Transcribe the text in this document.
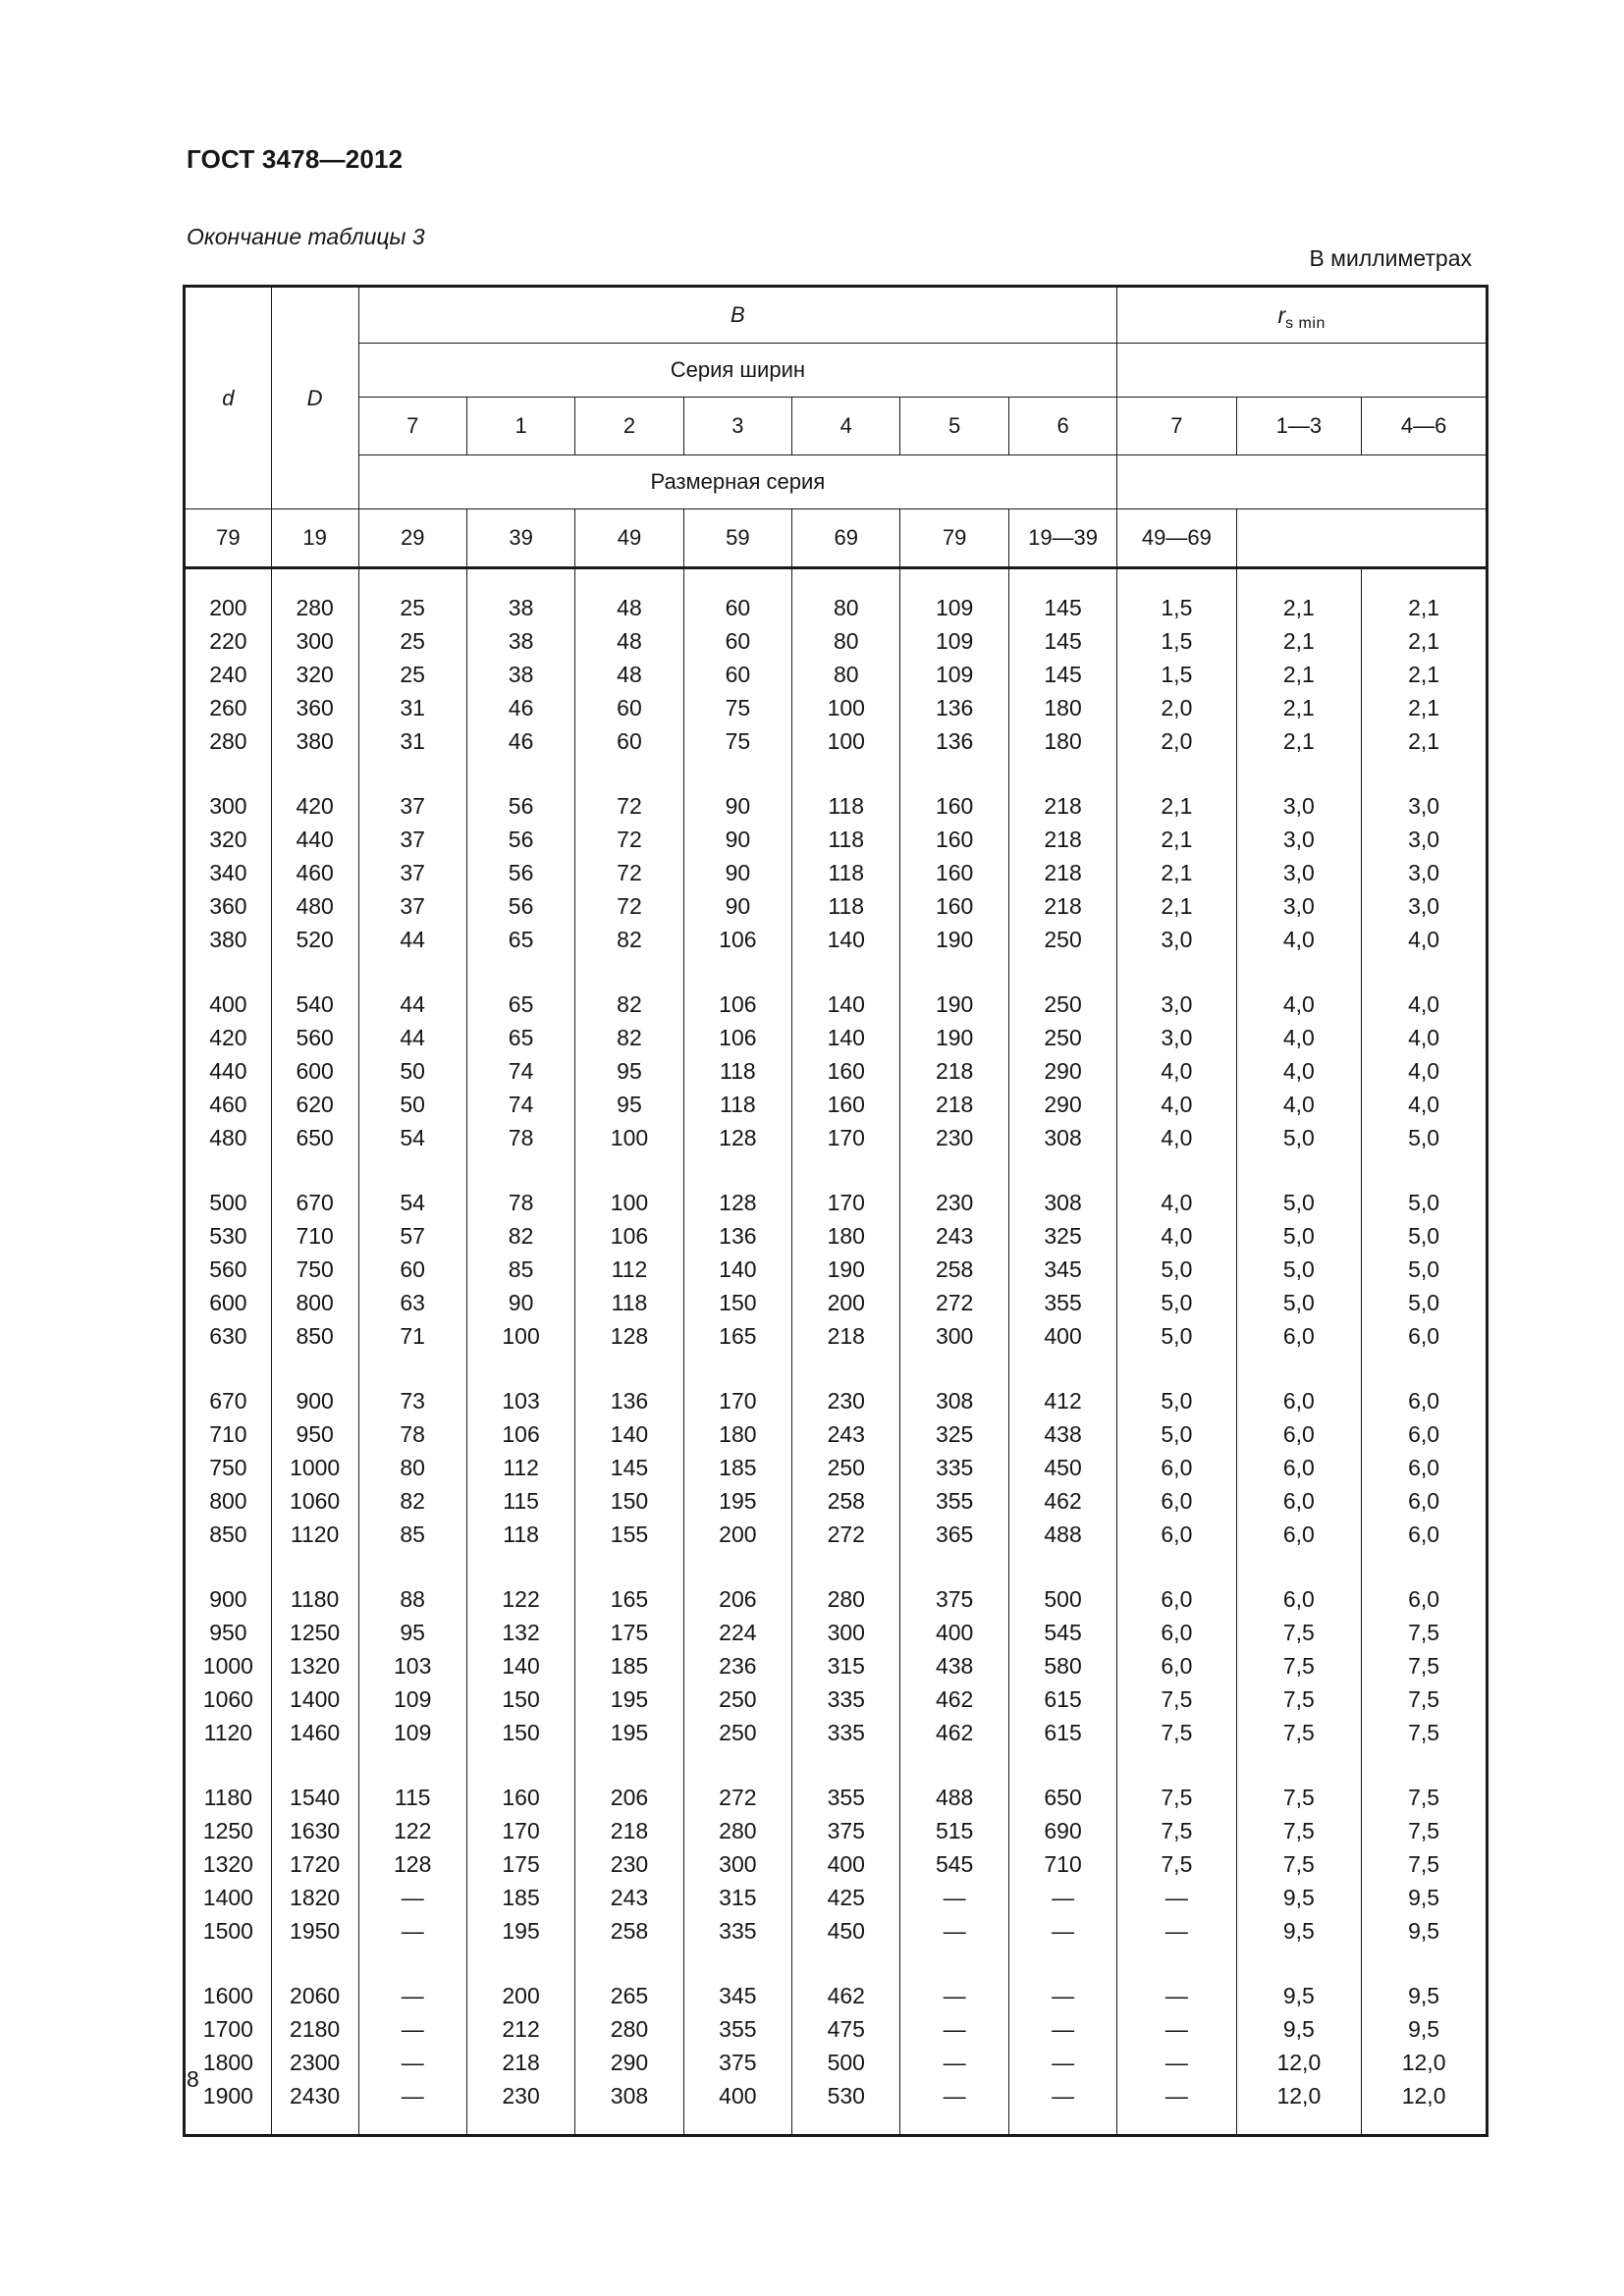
ГОСТ 3478—2012
Окончание таблицы 3
В миллиметрах
d	D	B							$r_{s min}$
		Серия ширин									
		7	1	2	3	4	5	6	7	1—3	4—6
		Размерная серия									
79	19	29	39	49	59	69	79	19—39	49—69		

200	280	25	38	48	60	80	109	145	1,5	2,1	2,1
220	300	25	38	48	60	80	109	145	1,5	2,1	2,1
240	320	25	38	48	60	80	109	145	1,5	2,1	2,1
260	360	31	46	60	75	100	136	180	2,0	2,1	2,1
280	380	31	46	60	75	100	136	180	2,0	2,1	2,1

300	420	37	56	72	90	118	160	218	2,1	3,0	3,0
320	440	37	56	72	90	118	160	218	2,1	3,0	3,0
340	460	37	56	72	90	118	160	218	2,1	3,0	3,0
360	480	37	56	72	90	118	160	218	2,1	3,0	3,0
380	520	44	65	82	106	140	190	250	3,0	4,0	4,0

400	540	44	65	82	106	140	190	250	3,0	4,0	4,0
420	560	44	65	82	106	140	190	250	3,0	4,0	4,0
440	600	50	74	95	118	160	218	290	4,0	4,0	4,0
460	620	50	74	95	118	160	218	290	4,0	4,0	4,0
480	650	54	78	100	128	170	230	308	4,0	5,0	5,0

500	670	54	78	100	128	170	230	308	4,0	5,0	5,0
530	710	57	82	106	136	180	243	325	4,0	5,0	5,0
560	750	60	85	112	140	190	258	345	5,0	5,0	5,0
600	800	63	90	118	150	200	272	355	5,0	5,0	5,0
630	850	71	100	128	165	218	300	400	5,0	6,0	6,0

670	900	73	103	136	170	230	308	412	5,0	6,0	6,0
710	950	78	106	140	180	243	325	438	5,0	6,0	6,0
750	1000	80	112	145	185	250	335	450	6,0	6,0	6,0
800	1060	82	115	150	195	258	355	462	6,0	6,0	6,0
850	1120	85	118	155	200	272	365	488	6,0	6,0	6,0

900	1180	88	122	165	206	280	375	500	6,0	6,0	6,0
950	1250	95	132	175	224	300	400	545	6,0	7,5	7,5
1000	1320	103	140	185	236	315	438	580	6,0	7,5	7,5
1060	1400	109	150	195	250	335	462	615	7,5	7,5	7,5
1120	1460	109	150	195	250	335	462	615	7,5	7,5	7,5

1180	1540	115	160	206	272	355	488	650	7,5	7,5	7,5
1250	1630	122	170	218	280	375	515	690	7,5	7,5	7,5
1320	1720	128	175	230	300	400	545	710	7,5	7,5	7,5
1400	1820	—	185	243	315	425	—	—	—	9,5	9,5
1500	1950	—	195	258	335	450	—	—	—	9,5	9,5

1600	2060	—	200	265	345	462	—	—	—	9,5	9,5
1700	2180	—	212	280	355	475	—	—	—	9,5	9,5
1800	2300	—	218	290	375	500	—	—	—	12,0	12,0
1900	2430	—	230	308	400	530	—	—	—	12,0	12,0

8
